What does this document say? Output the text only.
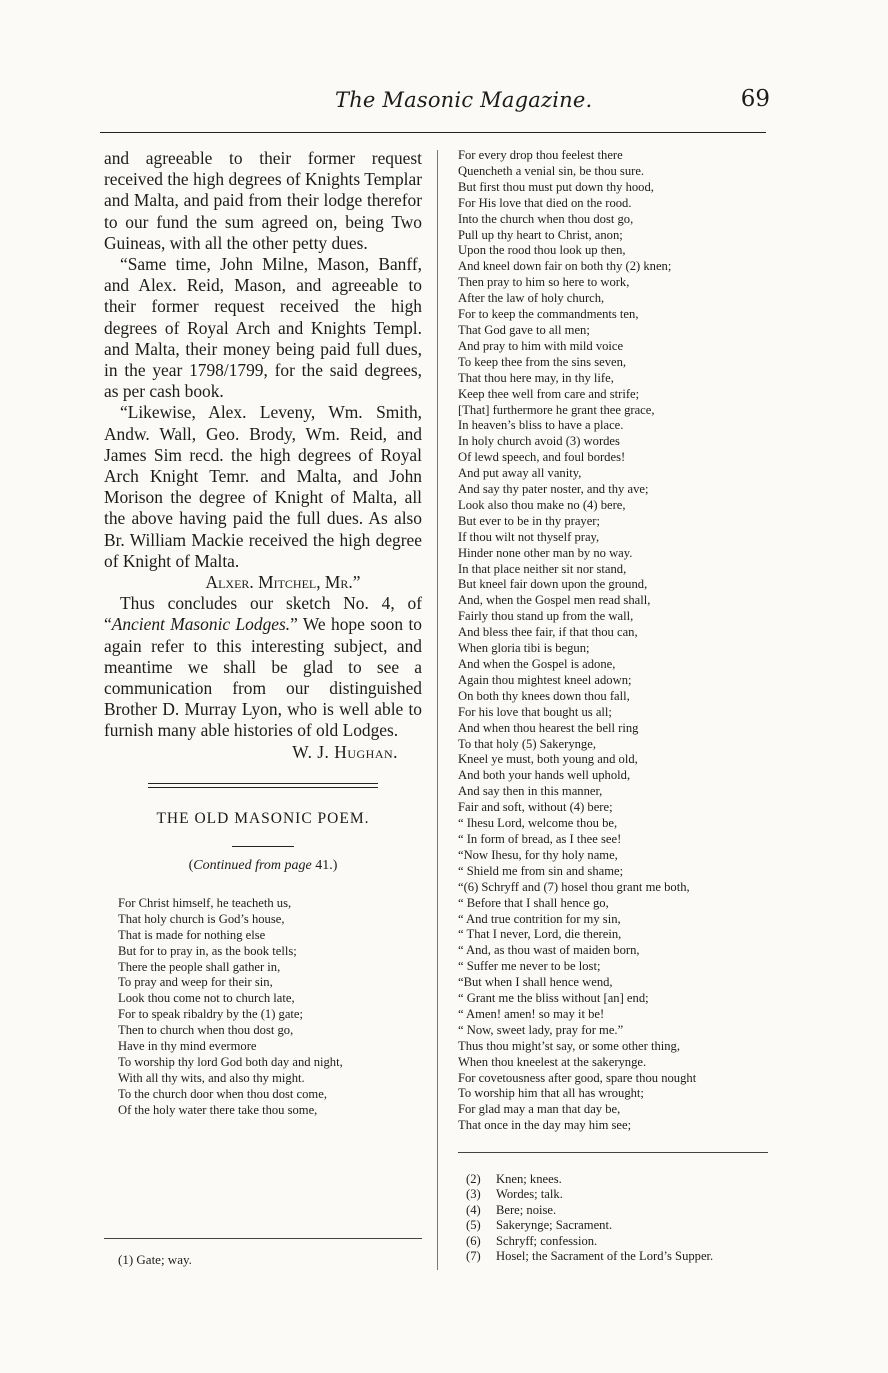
The Masonic Magazine.	69

and agreeable to their former request received the high degrees of Knights Templar and Malta, and paid from their lodge therefor to our fund the sum agreed on, being Two Guineas, with all the other petty dues.

“Same time, John Milne, Mason, Banff, and Alex. Reid, Mason, and agreeable to their former request received the high degrees of Royal Arch and Knights Templ. and Malta, their money being paid full dues, in the year 1798/1799, for the said degrees, as per cash book.

“Likewise, Alex. Leveny, Wm. Smith, Andw. Wall, Geo. Brody, Wm. Reid, and James Sim recd. the high degrees of Royal Arch Knight Temr. and Malta, and John Morison the degree of Knight of Malta, all the above having paid the full dues. As also Br. William Mackie received the high degree of Knight of Malta.

Alxer. Mitchel, Mr.”

Thus concludes our sketch No. 4, of “Ancient Masonic Lodges.” We hope soon to again refer to this interesting subject, and meantime we shall be glad to see a communication from our distinguished Brother D. Murray Lyon, who is well able to furnish many able histories of old Lodges.

W. J. Hughan.

THE OLD MASONIC POEM.
(Continued from page 41.)
For Christ himself, he teacheth us,
That holy church is God’s house,
That is made for nothing else
But for to pray in, as the book tells;
There the people shall gather in,
To pray and weep for their sin,
Look thou come not to church late,
For to speak ribaldry by the (1) gate;
Then to church when thou dost go,
Have in thy mind evermore
To worship thy lord God both day and night,
With all thy wits, and also thy might.
To the church door when thou dost come,
Of the holy water there take thou some,
(1) Gate; way.
For every drop thou feelest there
Quencheth a venial sin, be thou sure.
But first thou must put down thy hood,
For His love that died on the rood.
Into the church when thou dost go,
Pull up thy heart to Christ, anon;
Upon the rood thou look up then,
And kneel down fair on both thy (2) knen;
Then pray to him so here to work,
After the law of holy church,
For to keep the commandments ten,
That God gave to all men;
And pray to him with mild voice
To keep thee from the sins seven,
That thou here may, in thy life,
Keep thee well from care and strife;
[That] furthermore he grant thee grace,
In heaven’s bliss to have a place.
In holy church avoid (3) wordes
Of lewd speech, and foul bordes!
And put away all vanity,
And say thy pater noster, and thy ave;
Look also thou make no (4) bere,
But ever to be in thy prayer;
If thou wilt not thyself pray,
Hinder none other man by no way.
In that place neither sit nor stand,
But kneel fair down upon the ground,
And, when the Gospel men read shall,
Fairly thou stand up from the wall,
And bless thee fair, if that thou can,
When gloria tibi is begun;
And when the Gospel is adone,
Again thou mightest kneel adown;
On both thy knees down thou fall,
For his love that bought us all;
And when thou hearest the bell ring
To that holy (5) Sakerynge,
Kneel ye must, both young and old,
And both your hands well uphold,
And say then in this manner,
Fair and soft, without (4) bere;
“ Ihesu Lord, welcome thou be,
“ In form of bread, as I thee see!
“Now Ihesu, for thy holy name,
“ Shield me from sin and shame;
“(6) Schryff and (7) hosel thou grant me both,
“ Before that I shall hence go,
“ And true contrition for my sin,
“ That I never, Lord, die therein,
“ And, as thou wast of maiden born,
“ Suffer me never to be lost;
“But when I shall hence wend,
“ Grant me the bliss without [an] end;
“ Amen! amen! so may it be!
“ Now, sweet lady, pray for me.”
Thus thou might’st say, or some other thing,
When thou kneelest at the sakerynge.
For covetousness after good, spare thou nought
To worship him that all has wrought;
For glad may a man that day be,
That once in the day may him see;
(2) Knen; knees.
(3) Wordes; talk.
(4) Bere; noise.
(5) Sakerynge; Sacrament.
(6) Schryff; confession.
(7) Hosel; the Sacrament of the Lord’s Supper.
